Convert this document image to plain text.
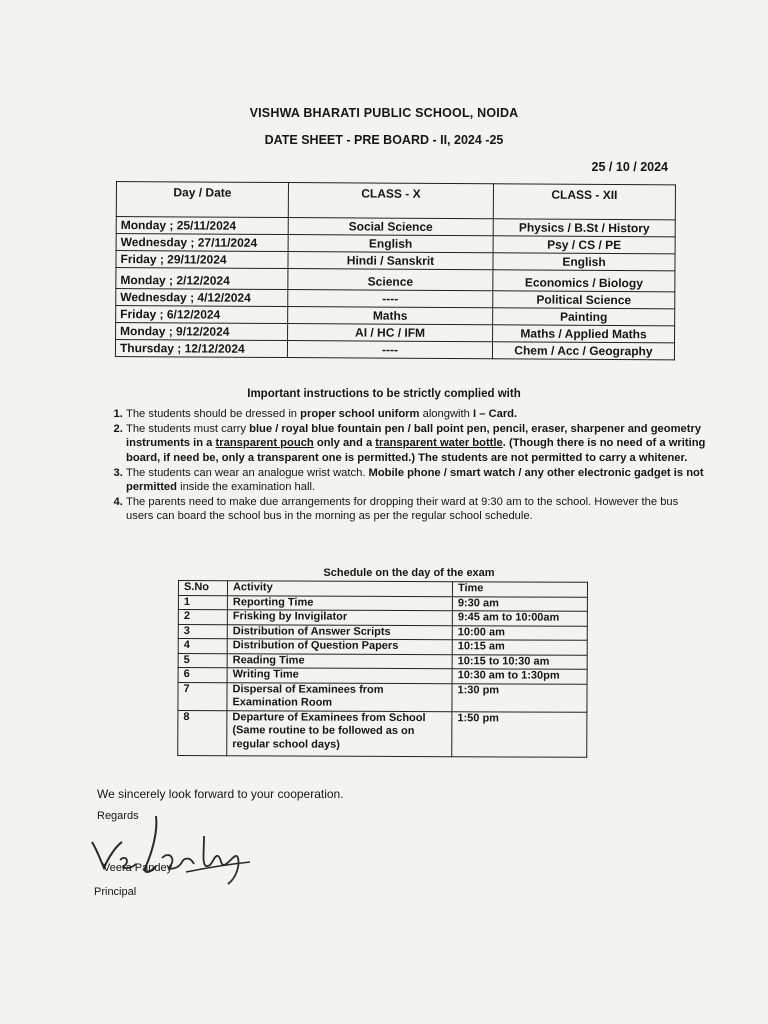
VISHWA BHARATI PUBLIC SCHOOL, NOIDA
DATE SHEET - PRE BOARD - II, 2024 -25
25 / 10 / 2024
Day / Date	CLASS - X	CLASS - XII
Monday ; 25/11/2024	Social Science	Physics / B.St / History
Wednesday ; 27/11/2024	English	Psy / CS / PE
Friday ; 29/11/2024	Hindi / Sanskrit	English
Monday ; 2/12/2024	Science	Economics / Biology
Wednesday ; 4/12/2024	----	Political Science
Friday ; 6/12/2024	Maths	Painting
Monday ; 9/12/2024	AI / HC / IFM	Maths / Applied Maths
Thursday ; 12/12/2024	----	Chem / Acc / Geography
Important instructions to be strictly complied with
1. The students should be dressed in proper school uniform alongwith I – Card.
2. The students must carry blue / royal blue fountain pen / ball point pen, pencil, eraser, sharpener and geometry instruments in a transparent pouch only and a transparent water bottle. (Though there is no need of a writing board, if need be, only a transparent one is permitted.) The students are not permitted to carry a whitener.
3. The students can wear an analogue wrist watch. Mobile phone / smart watch / any other electronic gadget is not permitted inside the examination hall.
4. The parents need to make due arrangements for dropping their ward at 9:30 am to the school. However the bus users can board the school bus in the morning as per the regular school schedule.
Schedule on the day of the exam
S.No	Activity	Time
1	Reporting Time	9:30 am
2	Frisking by Invigilator	9:45 am to 10:00am
3	Distribution of Answer Scripts	10:00 am
4	Distribution of Question Papers	10:15 am
5	Reading Time	10:15 to 10:30 am
6	Writing Time	10:30 am to 1:30pm
7	Dispersal of Examinees from Examination Room	1:30 pm
8	Departure of Examinees from School (Same routine to be followed as on regular school days)	1:50 pm
We sincerely look forward to your cooperation.
Regards
Veera Pandey
Principal
